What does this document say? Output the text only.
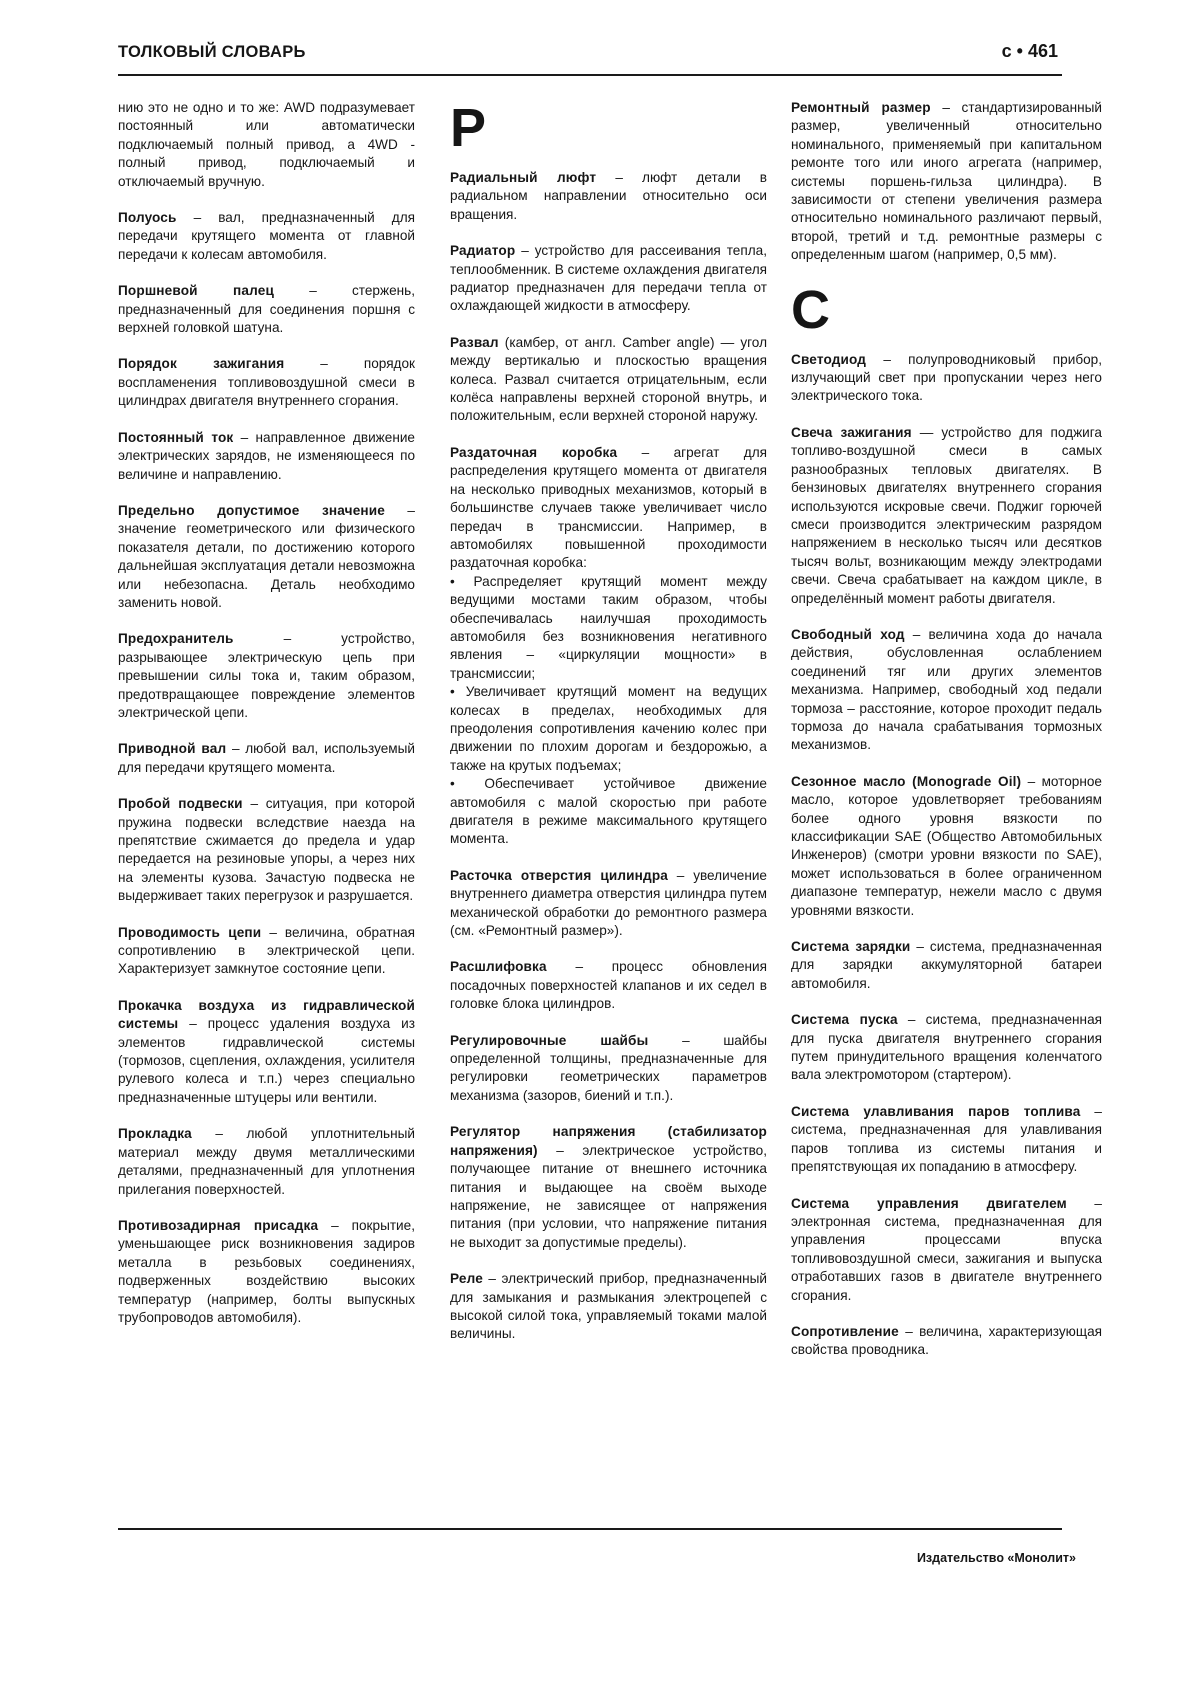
ТОЛКОВЫЙ СЛОВАРЬ	с • 461

нию это не одно и то же: AWD подразумевает постоянный или автоматически подключаемый полный привод, а 4WD - полный привод, подключаемый и отключаемый вручную.

Полуось – вал, предназначенный для передачи крутящего момента от главной передачи к колесам автомобиля.

Поршневой палец – стержень, предназначенный для соединения поршня с верхней головкой шатуна.

Порядок зажигания – порядок воспламенения топливовоздушной смеси в цилиндрах двигателя внутреннего сгорания.

Постоянный ток – направленное движение электрических зарядов, не изменяющееся по величине и направлению.

Предельно допустимое значение – значение геометрического или физического показателя детали, по достижению которого дальнейшая эксплуатация детали невозможна или небезопасна. Деталь необходимо заменить новой.

Предохранитель – устройство, разрывающее электрическую цепь при превышении силы тока и, таким образом, предотвращающее повреждение элементов электрической цепи.

Приводной вал – любой вал, используемый для передачи крутящего момента.

Пробой подвески – ситуация, при которой пружина подвески вследствие наезда на препятствие сжимается до предела и удар передается на резиновые упоры, а через них на элементы кузова. Зачастую подвеска не выдерживает таких перегрузок и разрушается.

Проводимость цепи – величина, обратная сопротивлению в электрической цепи. Характеризует замкнутое состояние цепи.

Прокачка воздуха из гидравлической системы – процесс удаления воздуха из элементов гидравлической системы (тормозов, сцепления, охлаждения, усилителя рулевого колеса и т.п.) через специально предназначенные штуцеры или вентили.

Прокладка – любой уплотнительный материал между двумя металлическими деталями, предназначенный для уплотнения прилегания поверхностей.

Противозадирная присадка – покрытие, уменьшающее риск возникновения задиров металла в резьбовых соединениях, подверженных воздействию высоких температур (например, болты выпускных трубопроводов автомобиля).

Р

Радиальный люфт – люфт детали в радиальном направлении относительно оси вращения.

Радиатор – устройство для рассеивания тепла, теплообменник. В системе охлаждения двигателя радиатор предназначен для передачи тепла от охлаждающей жидкости в атмосферу.

Развал (камбер, от англ. Camber angle) — угол между вертикалью и плоскостью вращения колеса. Развал считается отрицательным, если колёса направлены верхней стороной внутрь, и положительным, если верхней стороной наружу.

Раздаточная коробка – агрегат для распределения крутящего момента от двигателя на несколько приводных механизмов, который в большинстве случаев также увеличивает число передач в трансмиссии. Например, в автомобилях повышенной проходимости раздаточная коробка:

• Распределяет крутящий момент между ведущими мостами таким образом, чтобы обеспечивалась наилучшая проходимость автомобиля без возникновения негативного явления – «циркуляции мощности» в трансмиссии;

• Увеличивает крутящий момент на ведущих колесах в пределах, необходимых для преодоления сопротивления качению колес при движении по плохим дорогам и бездорожью, а также на крутых подъемах;

• Обеспечивает устойчивое движение автомобиля с малой скоростью при работе двигателя в режиме максимального крутящего момента.

Расточка отверстия цилиндра – увеличение внутреннего диаметра отверстия цилиндра путем механической обработки до ремонтного размера (см. «Ремонтный размер»).

Расшлифовка – процесс обновления посадочных поверхностей клапанов и их седел в головке блока цилиндров.

Регулировочные шайбы – шайбы определенной толщины, предназначенные для регулировки геометрических параметров механизма (зазоров, биений и т.п.).

Регулятор напряжения (стабилизатор напряжения) – электрическое устройство, получающее питание от внешнего источника питания и выдающее на своём выходе напряжение, не зависящее от напряжения питания (при условии, что напряжение питания не выходит за допустимые пределы).

Реле – электрический прибор, предназначенный для замыкания и размыкания электроцепей с высокой силой тока, управляемый токами малой величины.

Ремонтный размер – стандартизированный размер, увеличенный относительно номинального, применяемый при капитальном ремонте того или иного агрегата (например, системы поршень-гильза цилиндра). В зависимости от степени увеличения размера относительно номинального различают первый, второй, третий и т.д. ремонтные размеры с определенным шагом (например, 0,5 мм).

С

Светодиод – полупроводниковый прибор, излучающий свет при пропускании через него электрического тока.

Свеча зажигания — устройство для поджига топливо-воздушной смеси в самых разнообразных тепловых двигателях. В бензиновых двигателях внутреннего сгорания используются искровые свечи. Поджиг горючей смеси производится электрическим разрядом напряжением в несколько тысяч или десятков тысяч вольт, возникающим между электродами свечи. Свеча срабатывает на каждом цикле, в определённый момент работы двигателя.

Свободный ход – величина хода до начала действия, обусловленная ослаблением соединений тяг или других элементов механизма. Например, свободный ход педали тормоза – расстояние, которое проходит педаль тормоза до начала срабатывания тормозных механизмов.

Сезонное масло (Monograde Oil) – моторное масло, которое удовлетворяет требованиям более одного уровня вязкости по классификации SAE (Общество Автомобильных Инженеров) (смотри уровни вязкости по SAE), может использоваться в более ограниченном диапазоне температур, нежели масло с двумя уровнями вязкости.

Система зарядки – система, предназначенная для зарядки аккумуляторной батареи автомобиля.

Система пуска – система, предназначенная для пуска двигателя внутреннего сгорания путем принудительного вращения коленчатого вала электромотором (стартером).

Система улавливания паров топлива – система, предназначенная для улавливания паров топлива из системы питания и препятствующая их попаданию в атмосферу.

Система управления двигателем – электронная система, предназначенная для управления процессами впуска топливовоздушной смеси, зажигания и выпуска отработавших газов в двигателе внутреннего сгорания.

Сопротивление – величина, характеризующая свойства проводника.

Издательство «Монолит»
